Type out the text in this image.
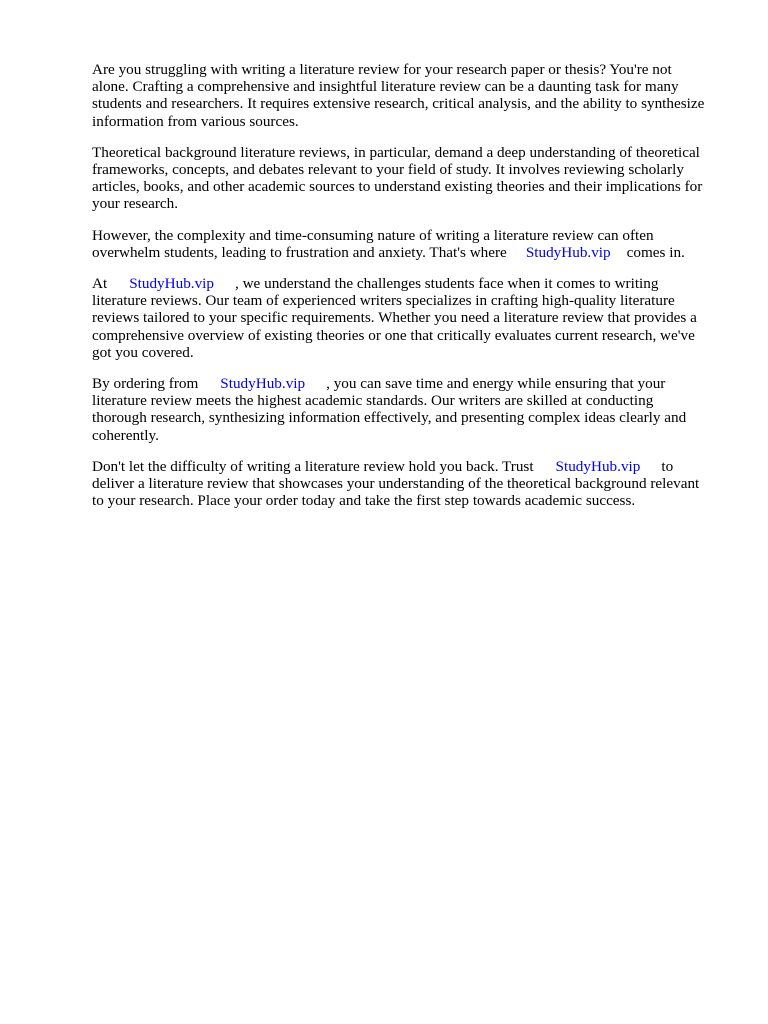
Are you struggling with writing a literature review for your research paper or thesis? You're not
alone. Crafting a comprehensive and insightful literature review can be a daunting task for many
students and researchers. It requires extensive research, critical analysis, and the ability to synthesize
information from various sources.

Theoretical background literature reviews, in particular, demand a deep understanding of theoretical
frameworks, concepts, and debates relevant to your field of study. It involves reviewing scholarly
articles, books, and other academic sources to understand existing theories and their implications for
your research.

However, the complexity and time-consuming nature of writing a literature review can often
overwhelm students, leading to frustration and anxiety. That's where StudyHub.vip comes in.

At StudyHub.vip , we understand the challenges students face when it comes to writing
literature reviews. Our team of experienced writers specializes in crafting high-quality literature
reviews tailored to your specific requirements. Whether you need a literature review that provides a
comprehensive overview of existing theories or one that critically evaluates current research, we've
got you covered.

By ordering from StudyHub.vip , you can save time and energy while ensuring that your
literature review meets the highest academic standards. Our writers are skilled at conducting
thorough research, synthesizing information effectively, and presenting complex ideas clearly and
coherently.

Don't let the difficulty of writing a literature review hold you back. Trust StudyHub.vip to
deliver a literature review that showcases your understanding of the theoretical background relevant
to your research. Place your order today and take the first step towards academic success.
